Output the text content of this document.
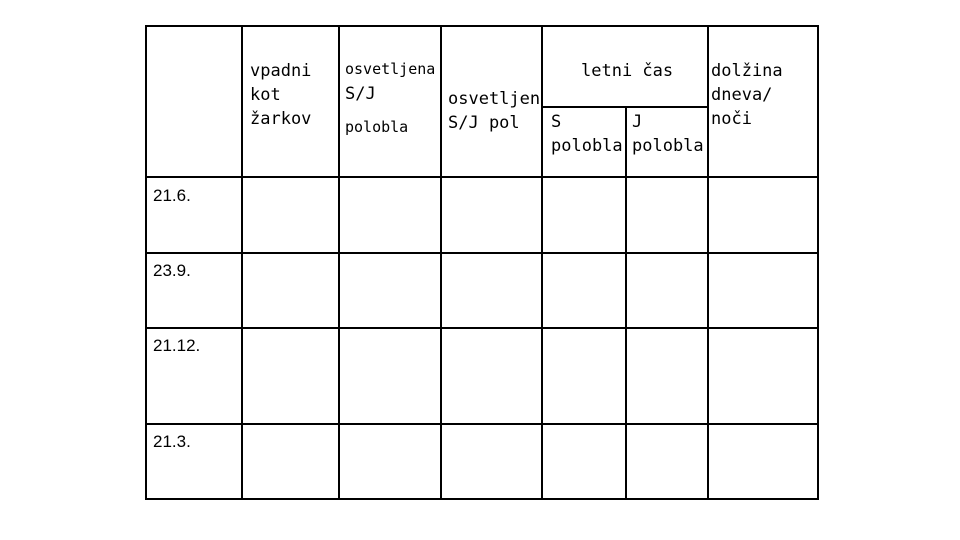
vpadni
kot
žarkov
osvetljena
S/J
polobla
osvetljen
S/J pol
letni čas
S
polobla
J
polobla
dolžina
dneva/
noči
21.6.
23.9.
21.12.
21.3.
